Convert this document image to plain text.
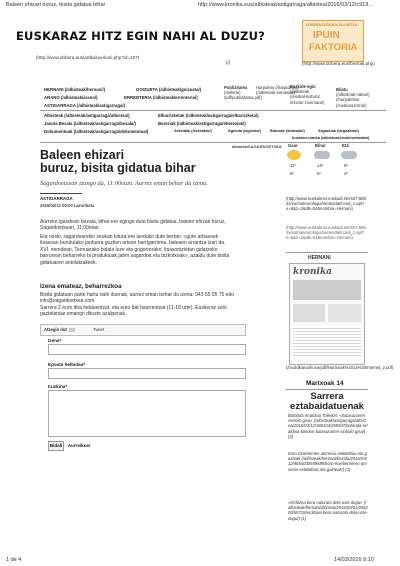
Baleen ehizari buruz, bisita gidatua bihar	http://www.kronika.eus/albisteak/astigarraga/albistea/2016/03/12/c918...
EUSKARAZ HITZ EGIN NAHI AL DUZU?
DOBERA EUSKARA ELKARTEA
IPUIN
FAKTORIA
(http://www.dobera.eus/artikulua-ikusi.php?id=107)
(/)	(http://www.dobera.eus/berriak.php)
HERNANI (/albisteak/hernani/)	GOIZUETA (/albisteak/goizueta/)
ARANO (/albisteak/arano/)	ERRENTERIA (/albisteak/errenteria/)
ASTIGARRAGA (/albisteak/astigarraga/)
Publizitatea
(/ariketa)
/pdf/publizitatea.pdf)
Harpidetu (/harpidetza)
(/albisteak-tomatuak)
Bazkide egin
(/albisteak
(/euskal-kultura/
/iritzian-zinemara/)
Bilatu
(/albisteak-nabari)
(/harpidetza/
(/euskarazorria/)
Albisteak (/albisteak/astigarraga/albistea/)	Elkarrizketak (/albisteak/astigarraga/elkarrizketa/)
Jasota Bezala (/albisteak/astigarraga/bezala/)	Bereziak (/albisteak/astigarraga/ebereziak/)
Dokumentuak (/albisteak/astigarraga/dokumentua/)	Zekeldak (/zekeldak/)	Agenda (/agenda/) Bideoak (/bideoak/)	Argazkiak (/argazkiak/)
Iruzkinen-tanka (/albisteak/iruzkinentanka/)
albistea/SAGARDOETXEA
Baleen ehizari
buruz, bisita gidatua bihar
Sagardoetxean izango da, 11:00etan. Aurrez eman behar da izena.
ASTIGARRAGA
2016/03/12 00:00 Larunbata
Aurreko igandean bezala, bihar ere egingo dute bisita gidatua, baleen ehizari buruz, Sagardoetxean, 11:00etan.
Eta noski, sagardoarekin zeukan lotura ere landuko dute bertan: «gure arbasoek itsasoan burututako jarduera guztien artean harrigarriena, baleaen arrantza izan da. XVI. mendean, Ternuarako bidaia luze eta gogorrerako, itsasontzietan gidatzeko barrurean beharreko bi produktuak jaten sagardoa eta bizkotxoak», azaldu dute bisita gidatuaren antolatzaileek.
Izena emateaz, beharrezkoa
Bisita gidatuan parte hartu nahi duenak, aurrez eman behar du izena: 943 55 05 75 edo info@sagardoetxea.com.
Sarrera 2 euro dira helduentzat, eta euro bat haurrentzat (11-18 urte). Euskeraz zein gaztelaniaz emango dituzte azalpenak.
Atzegin dut	Tweet
Izena*
Eposta helbidea*
Iruzkina*
Bidali	Aurreikusi
Gaur	Bihar	Etzi
11º	14º	9º
6º	5º	4º
(http://www.euskalmet.euskadi.net/s07-5853x/eu/meteorologia/meteodat/coral_1.apl?e=8&z=2&d8=04&nombre=Hernani)
(http://www.euskalmet.euskadi.net/s07-5853x/eu/meteorologia/meteodat/coral_1.apl?e=8&z=2&d8=04&nombre=Hernani)
HERNANI
kronika
(/irudidkiana/hona/pdf/Martxoak%2014%20Internet_2.pdf)
Martxoak 14
Sarrera
eztabaidatuenak
Bufanda erraldoia Toledon, «batasunaren sinbolo gisa» (/albisteak/astigarraga/albistea/2016/03/12/380104/255947/bufanda-erraldoia-toledon-batasunaren-sinbolo-gisa/) (2)
Koro Etxeberrien amnesia selektiboa eta gazteak (/albisteak/hernani/bezala/2016/03/12/965a0d0559595/koro-etxeberrieren-amnesia-selektiboa-eta-gazteak/) (2)
«Erditzea bera naturala dela uste dugu» (/albisteak/hernani/albistea/2016/03/01/056200/55719/erditzea-bera-naturala-dela-uste-dugu/) (1)
1 de 4	14/03/2016 9:10
